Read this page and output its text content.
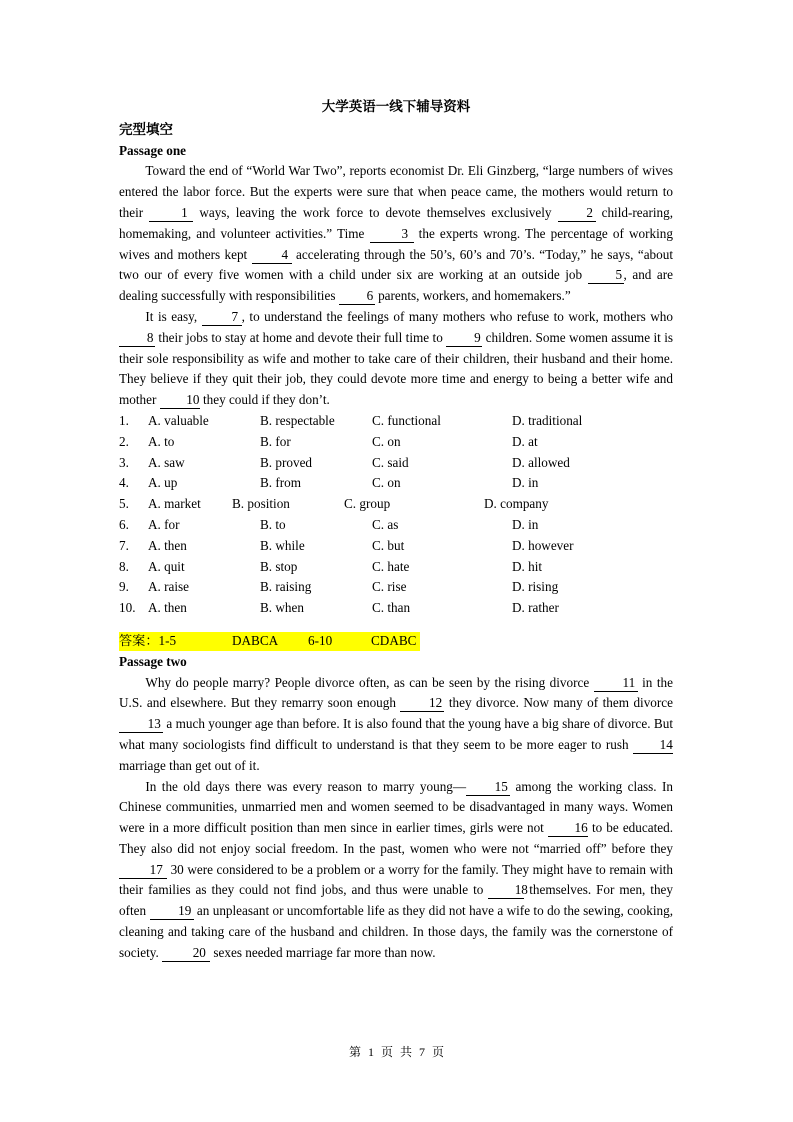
大学英语一线下辅导资料
完型填空
Passage one

Toward the end of “World War Two”, reports economist Dr. Eli Ginzberg, “large numbers of wives entered the labor force. But the experts were sure that when peace came, the mothers would return to their 1 ways, leaving the work force to devote themselves exclusively 2 child-rearing, homemaking, and volunteer activities.” Time 3 the experts wrong. The percentage of working wives and mothers kept 4 accelerating through the 50’s, 60’s and 70’s. “Today,” he says, “about two our of every five women with a child under six are working at an outside job 5 , and are dealing successfully with responsibilities 6 parents, workers, and homemakers.”

It is easy, 7 , to understand the feelings of many mothers who refuse to work, mothers who 8 their jobs to stay at home and devote their full time to 9 children. Some women assume it is their sole responsibility as wife and mother to take care of their children, their husband and their home. They believe if they quit their job, they could devote more time and energy to being a better wife and mother 10 they could if they don’t.

1. A. valuable	B. respectable	C. functional	D. traditional
2. A. to	B. for	C. on	D. at
3. A. saw	B. proved	C. said	D. allowed
4. A. up	B. from	C. on	D. in
5. A. market B. position	C. group	D. company
6. A. for	B. to	C. as	D. in
7. A. then	B. while	C. but	D. however
8. A. quit	B. stop	C. hate	D. hit
9. A. raise	B. raising	C. rise	D. rising
10. A. then	B. when	C. than	D. rather
答案：1-5	DABCA 6-10	CDABC
Passage two

Why do people marry? People divorce often, as can be seen by the rising divorce 11 in the U.S. and elsewhere. But they remarry soon enough 12 they divorce. Now many of them divorce 13 a much younger age than before. It is also found that the young have a big share of divorce. But what many sociologists find difficult to understand is that they seem to be more eager to rush 14 marriage than get out of it.

In the old days there was every reason to marry young— 15 among the working class. In Chinese communities, unmarried men and women seemed to be disadvantaged in many ways. Women were in a more difficult position than men since in earlier times, girls were not 16 to be educated. They also did not enjoy social freedom. In the past, women who were not “married off” before they 17 30 were considered to be a problem or a worry for the family. They might have to remain with their families as they could not find jobs, and thus were unable to 18 themselves. For men, they often 19 an unpleasant or uncomfortable life as they did not have a wife to do the sewing, cooking, cleaning and taking care of the husband and children. In those days, the family was the cornerstone of society. 20 sexes needed marriage far more than now.

第 1 页 共 7 页
